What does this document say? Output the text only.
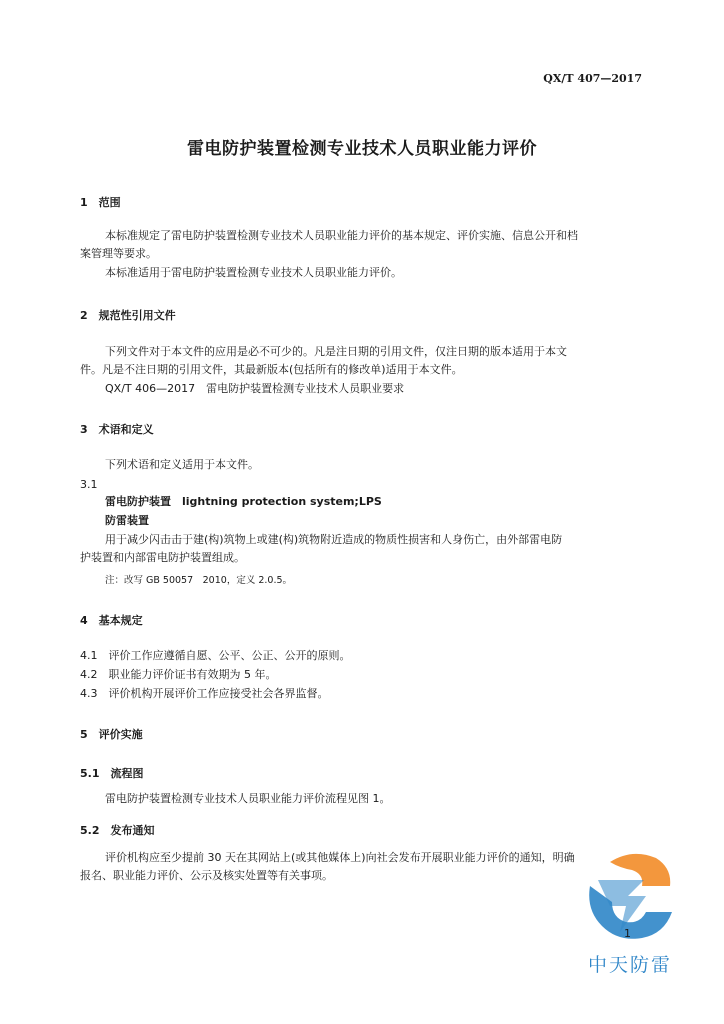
QX/T 407—2017
雷电防护装置检测专业技术人员职业能力评价
1　范围
本标准规定了雷电防护装置检测专业技术人员职业能力评价的基本规定、评价实施、信息公开和档
案管理等要求。
本标准适用于雷电防护装置检测专业技术人员职业能力评价。
2　规范性引用文件
下列文件对于本文件的应用是必不可少的。凡是注日期的引用文件，仅注日期的版本适用于本文
件。凡是不注日期的引用文件，其最新版本(包括所有的修改单)适用于本文件。
QX/T 406—2017　雷电防护装置检测专业技术人员职业要求
3　术语和定义
下列术语和定义适用于本文件。
3.1
雷电防护装置　lightning protection system;LPS
防雷装置
用于减少闪击击于建(构)筑物上或建(构)筑物附近造成的物质性损害和人身伤亡，由外部雷电防
护装置和内部雷电防护装置组成。
注：改写 GB 50057　2010，定义 2.0.5。
4　基本规定
4.1　评价工作应遵循自愿、公平、公正、公开的原则。
4.2　职业能力评价证书有效期为 5 年。
4.3　评价机构开展评价工作应接受社会各界监督。
5　评价实施
5.1　流程图
雷电防护装置检测专业技术人员职业能力评价流程见图 1。
5.2　发布通知
评价机构应至少提前 30 天在其网站上(或其他媒体上)向社会发布开展职业能力评价的通知，明确
报名、职业能力评价、公示及核实处置等有关事项。
中天防雷
1
